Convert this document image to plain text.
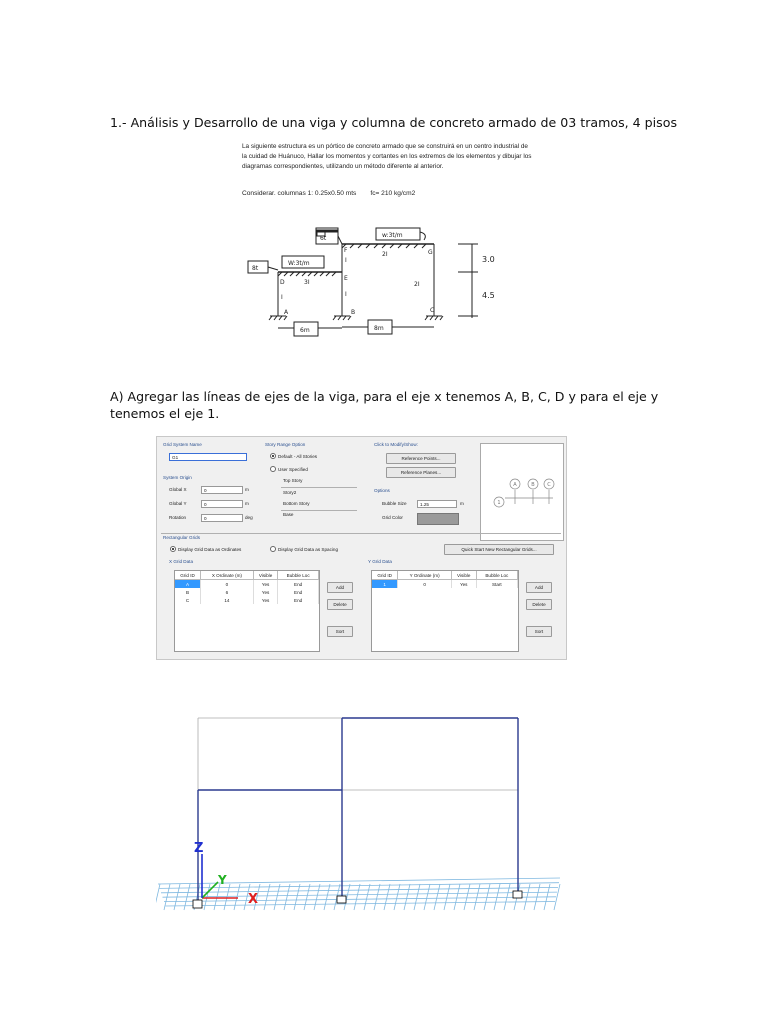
1.- Análisis y Desarrollo de una viga y columna de concreto armado de 03 tramos, 4 pisos
La siguiente estructura es un pórtico de concreto armado que se construirá en un centro industrial de la cuidad de Huánuco, Hallar los momentos y cortantes en los extremos de los elementos y dibujar los diagramas correspondientes, utilizando un método diferente al anterior.
Considerar. columnas 1: 0.25x0.50 mts fc= 210 kg/cm2
6t
8t
w:3t/m
W:3t/m
2I
3I	2I
I
I
I
A	B	C
D
E
F	G
6m	8m
3.0
4.5
A) Agregar las líneas de ejes de la viga, para el eje x tenemos A, B, C, D y para el eje y tenemos el eje 1.
Grid System Name
G1
System Origin
Global X	0	m
Global Y	0	m
Rotation	0	deg
Story Range Option
Default - All Stories
User Specified
Top Story
Story2
Bottom Story
Base
Click to Modify/Show:
Reference Points...
Reference Planes...
Options
Bubble Size	1.25	m
Grid Color
A	B	C
1
Rectangular Grids
Display Grid Data as Ordinates	Display Grid Data as Spacing	Quick Start New Rectangular Grids...
X Grid Data
Grid ID	X Ordinate (m)	Visible	Bubble Loc
A	0	Yes	End
B	6	Yes	End
C	14	Yes	End
Add
Delete
Sort
Y Grid Data
Grid ID	Y Ordinate (m)	Visible	Bubble Loc
1	0	Yes	Start
Add
Delete
Sort
X
Y
Z
